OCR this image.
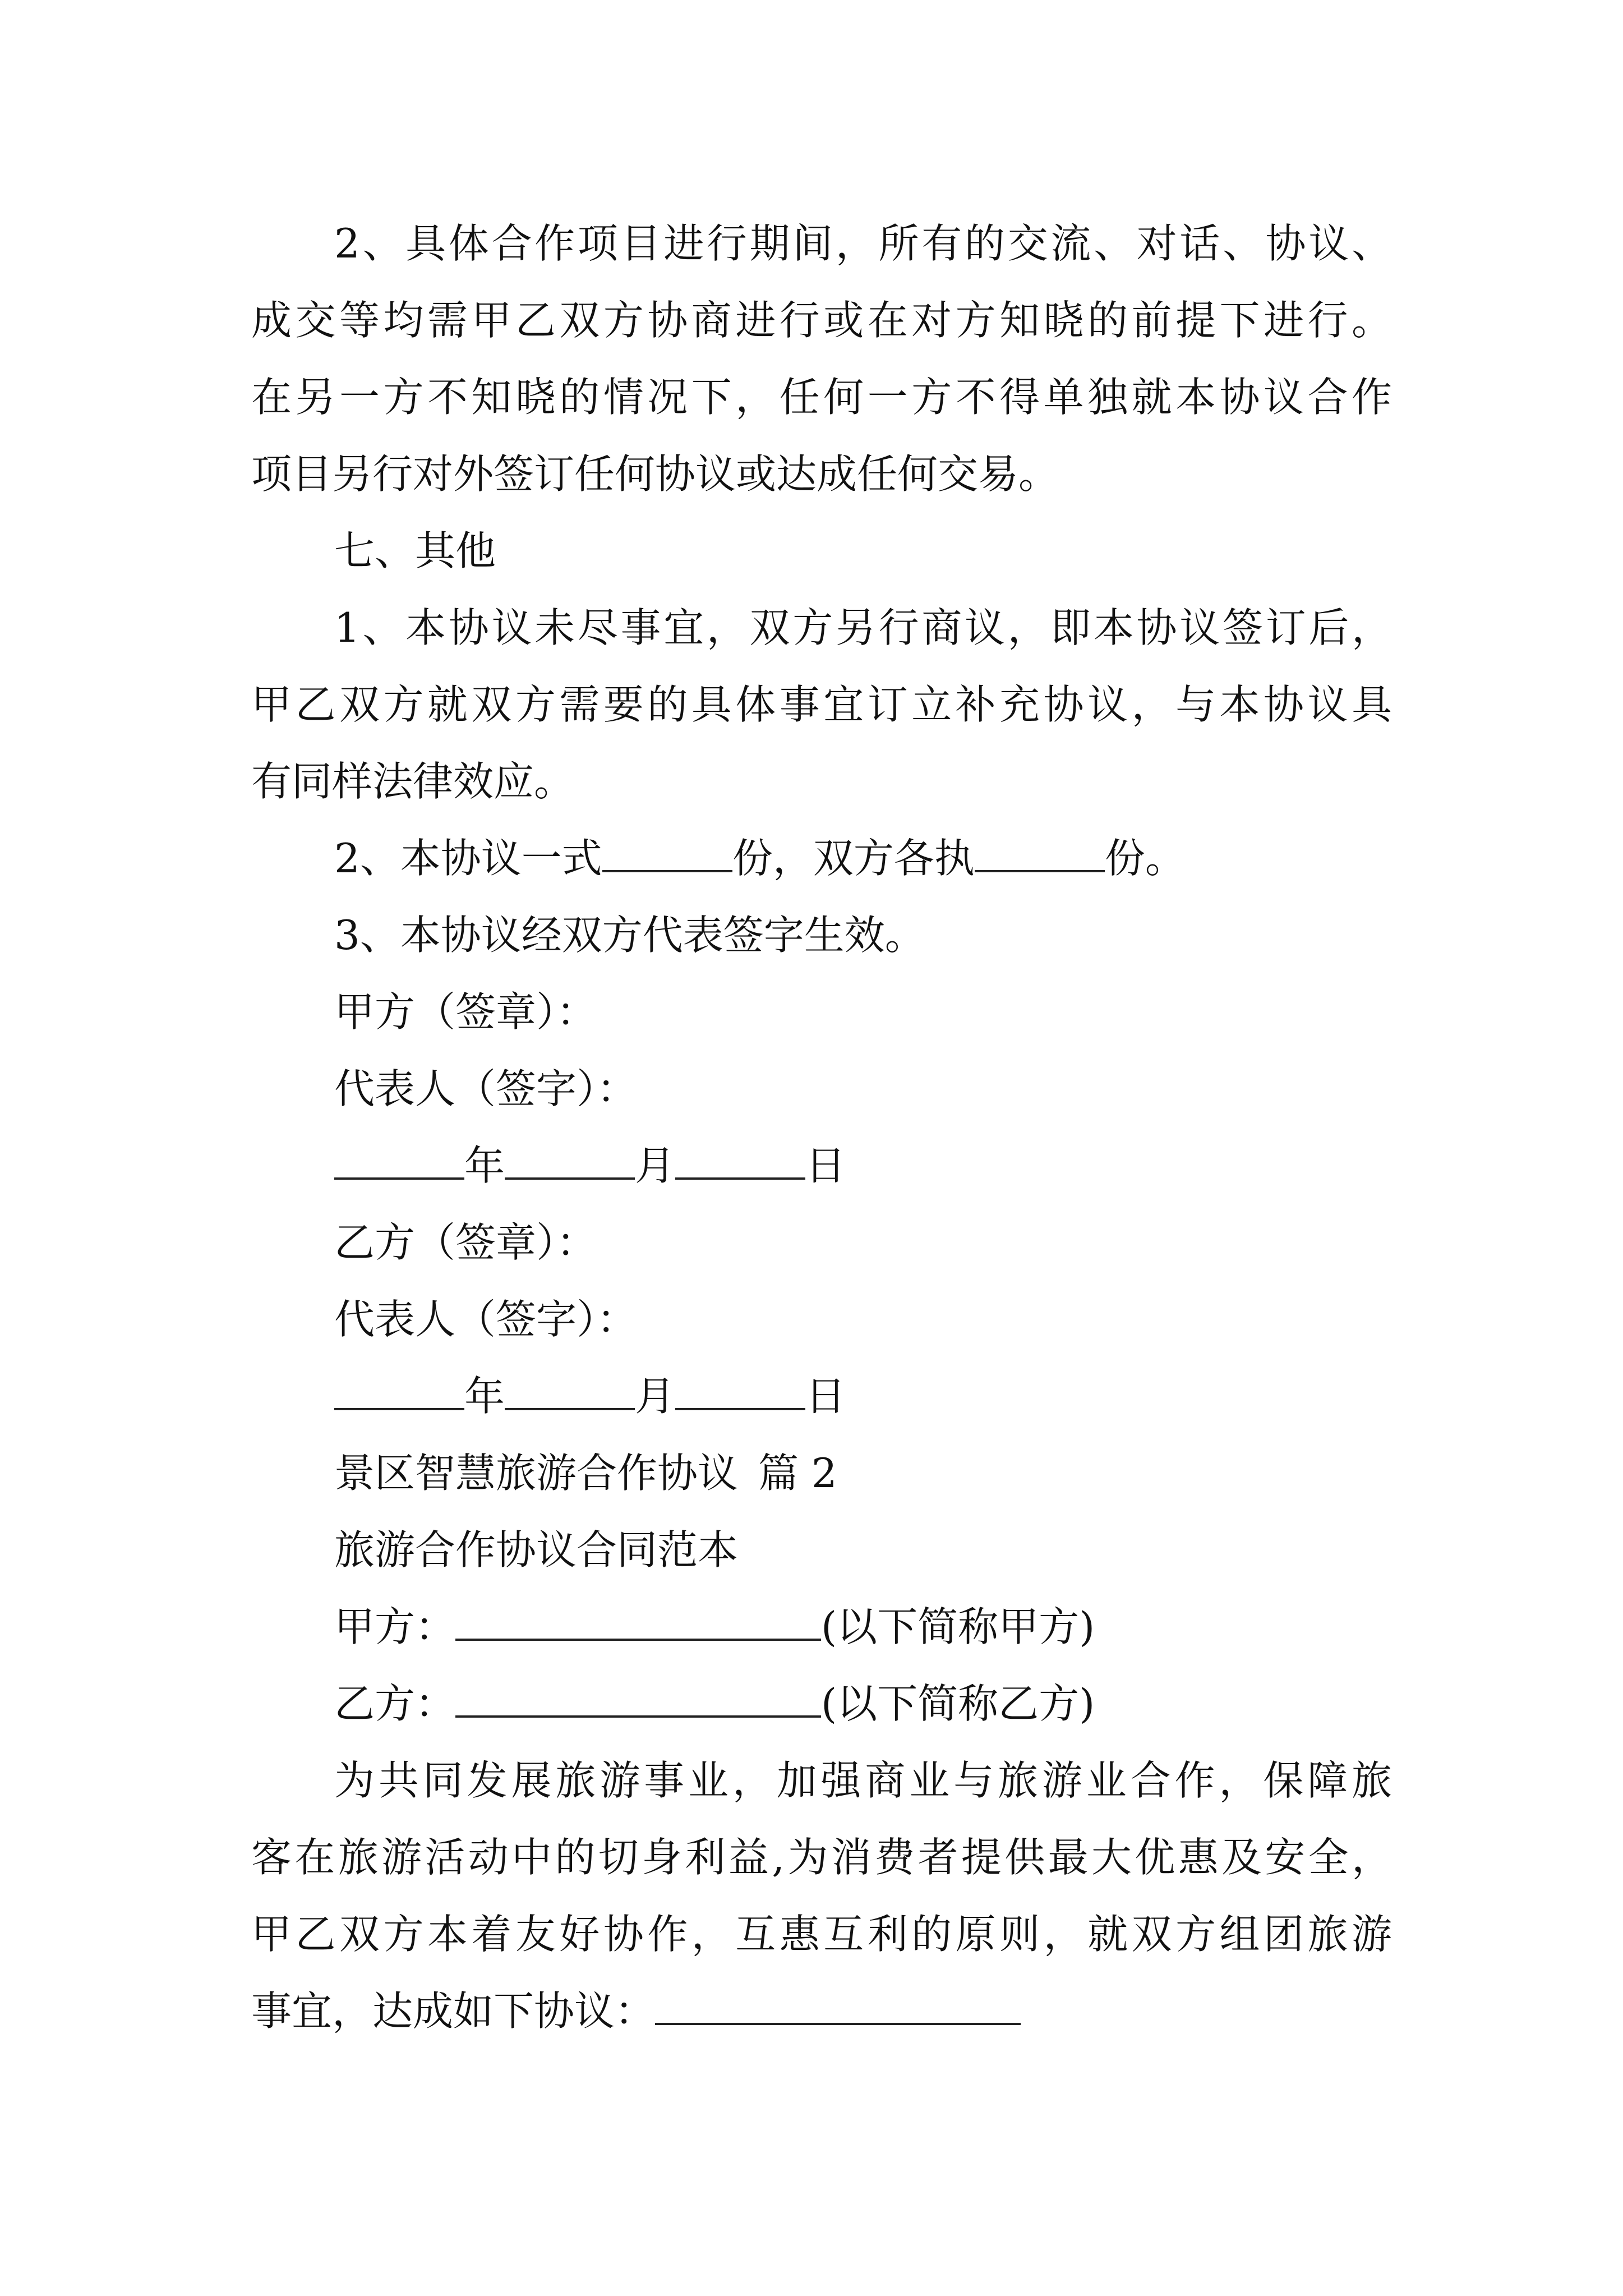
2、具体合作项目进行期间，所有的交流、对话、协议、
成交等均需甲乙双方协商进行或在对方知晓的前提下进行。
在另一方不知晓的情况下，任何一方不得单独就本协议合作
项目另行对外签订任何协议或达成任何交易。
七、其他
1、本协议未尽事宜，双方另行商议，即本协议签订后，
甲乙双方就双方需要的具体事宜订立补充协议，与本协议具
有同样法律效应。
2、本协议一式	份，双方各执	份。
3、本协议经双方代表签字生效。
甲方（签章）：
代表人（签字）：
年	月	日
乙方（签章）：
代表人（签字）：
年	月	日
景区智慧旅游合作协议 篇 2
旅游合作协议合同范本
甲方：	(以下简称甲方)
乙方：	(以下简称乙方)
为共同发展旅游事业，加强商业与旅游业合作，保障旅
客在旅游活动中的切身利益,为消费者提供最大优惠及安全，
甲乙双方本着友好协作，互惠互利的原则，就双方组团旅游
事宜，达成如下协议：
